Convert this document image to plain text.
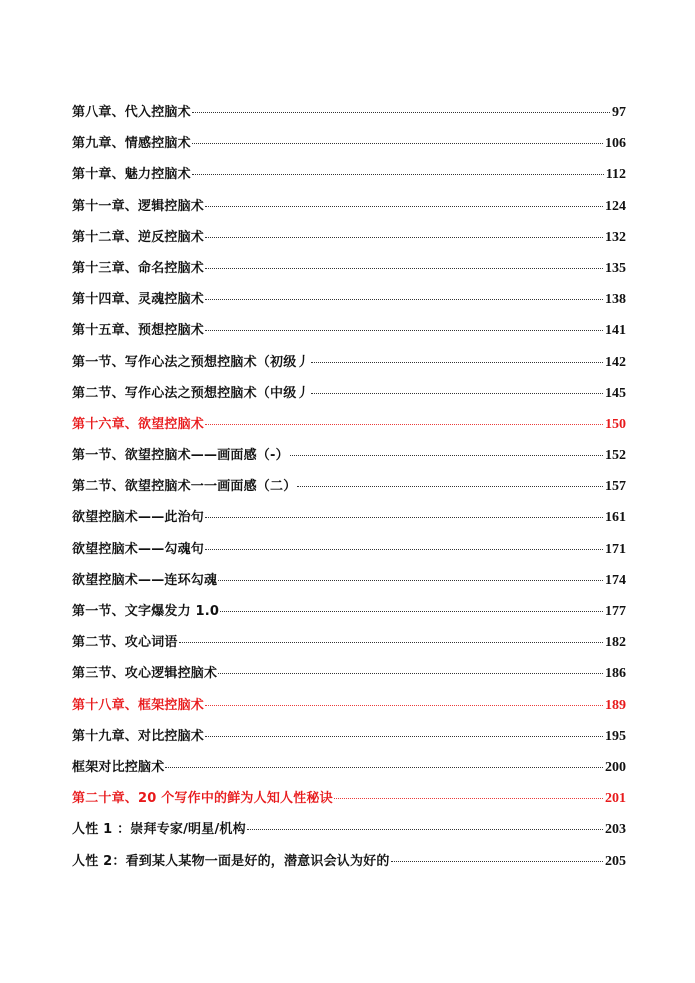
第八章、代入控脑术	97
第九章、情感控脑术	106
第十章、魅力控脑术	112
第十一章、逻辑控脑术	124
第十二章、逆反控脑术	132
第十三章、命名控脑术	135
第十四章、灵魂控脑术	138
第十五章、预想控脑术	141
第一节、写作心法之预想控脑术（初级丿	142
第二节、写作心法之预想控脑术（中级丿	145
第十六章、欲望控脑术	150
第一节、欲望控脑术——画面感（-）	152
第二节、欲望控脑术一一画面感（二）	157
欲望控脑术——此治句	161
欲望控脑术——勾魂句	171
欲望控脑术——连环勾魂	174
第一节、文字爆发力 1.0	177
第二节、攻心词语	182
第三节、攻心逻辑控脑术	186
第十八章、框架控脑术	189
第十九章、对比控脑术	195
框架对比控脑术	200
第二十章、20 个写作中的鲜为人知人性秘诀	201
人性 1 ：崇拜专家/明星/机构	203
人性 2：看到某人某物一面是好的，潜意识会认为好的	205
